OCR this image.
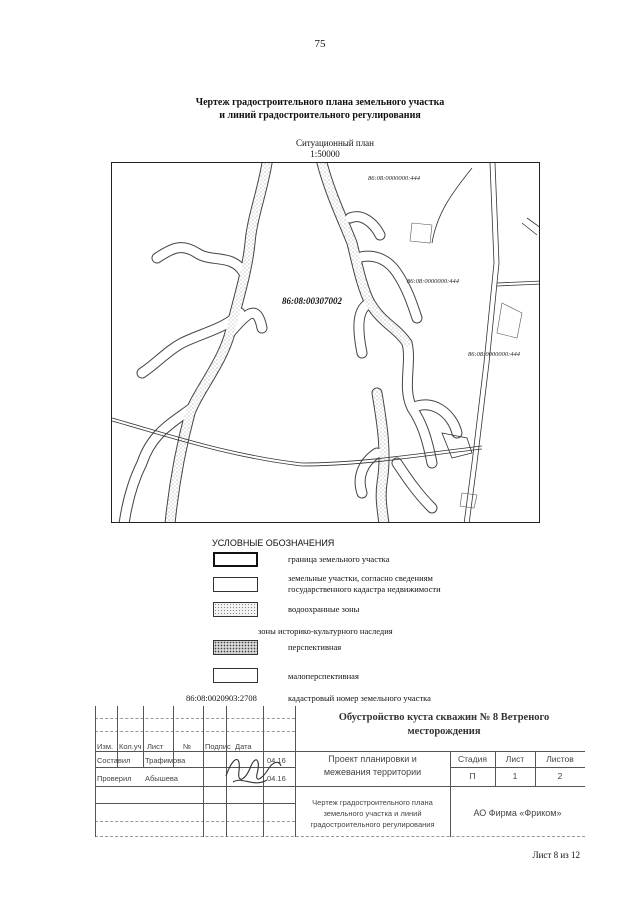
75
Чертеж градостроительного плана земельного участка
и линий градостроительного регулирования
Ситуационный план
1:50000
86:08:00307002
86:08:0000000:444
86:08:0000000:444
86:08:0000000:444
УСЛОВНЫЕ ОБОЗНАЧЕНИЯ
граница земельного участка
земельные участки, согласно сведениям
государственного кадастра недвижимости
водоохранные зоны
зоны историко-культурного наследия
перспективная
малоперспективная
86:08:0020903:2708	кадастровый номер земельного участка
Обустройство куста скважин № 8 Ветреного
месторождения
Изм. Кол.уч Лист	№ Подпис Дата
Составил Трафимова	04.16
Проверил Абышева	04.16
Проект планировки и
межевания территории
Стадия	Лист	Листов
П	1	2
Чертеж градостроительного плана
земельного участка и линий
градостроительного регулирования
АО Фирма «Фриком»
Лист 8 из 12
